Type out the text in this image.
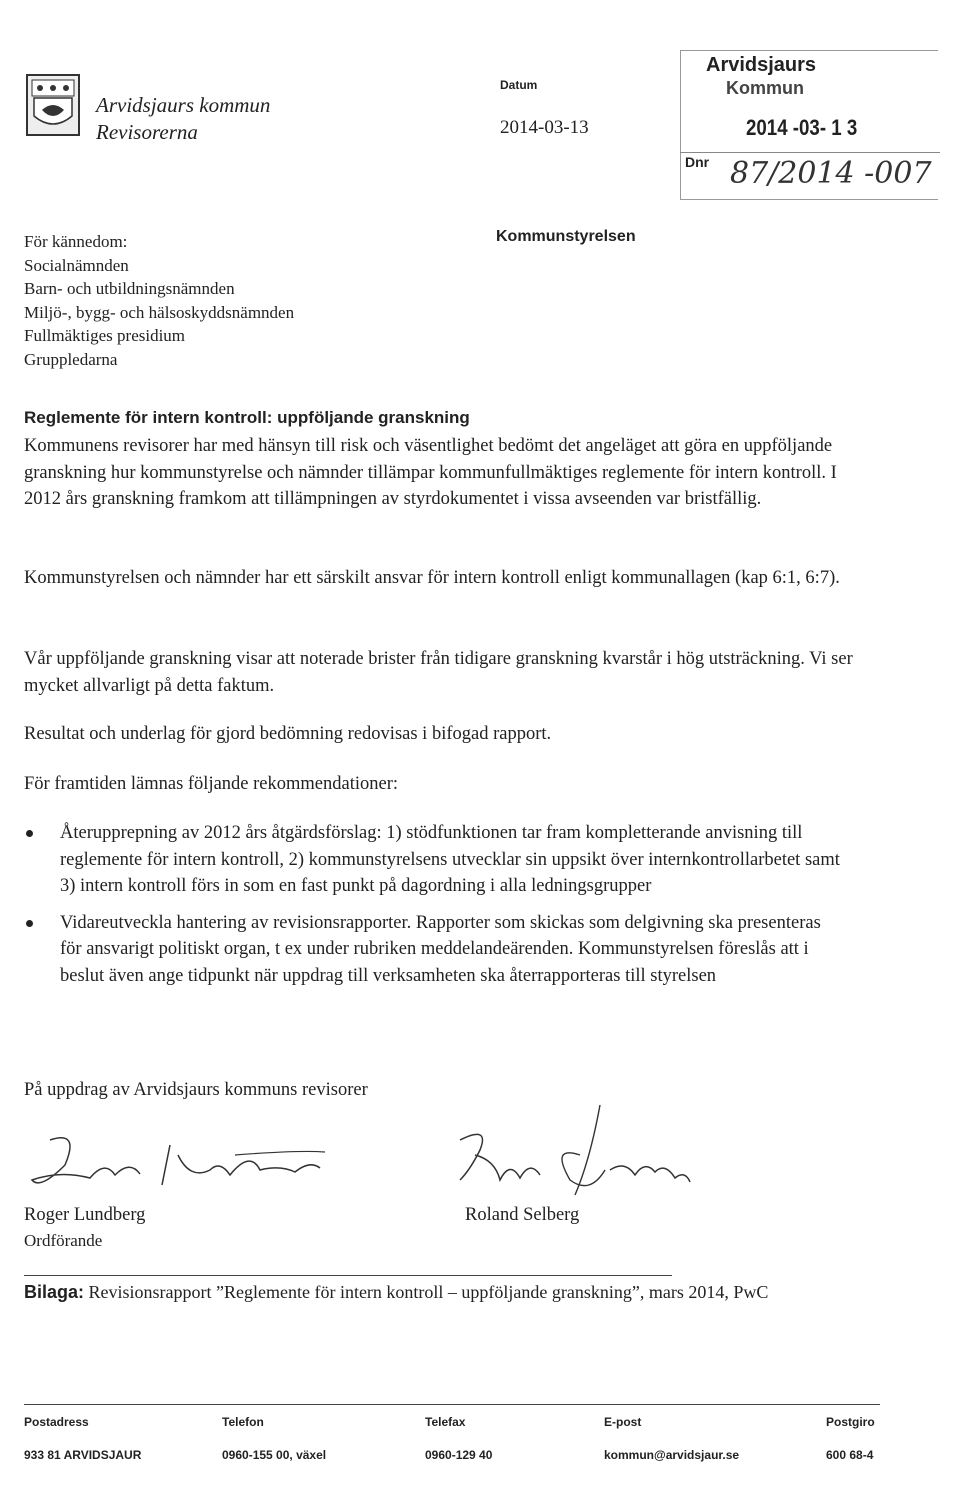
Arvidsjaurs kommun
Revisorerna
Datum
2014-03-13
Arvidsjaurs
Kommun
2014 -03- 1 3
Dnr 87/2014 -007
För kännedom:
Socialnämnden
Barn- och utbildningsnämnden
Miljö-, bygg- och hälsoskyddsnämnden
Fullmäktiges presidium
Gruppledarna
Kommunstyrelsen
Reglemente för intern kontroll: uppföljande granskning

Kommunens revisorer har med hänsyn till risk och väsentlighet bedömt det angeläget att göra en uppföljande granskning hur kommunstyrelse och nämnder tillämpar kommunfullmäktiges reglemente för intern kontroll. I 2012 års granskning framkom att tillämpningen av styrdokumentet i vissa avseenden var bristfällig.

Kommunstyrelsen och nämnder har ett särskilt ansvar för intern kontroll enligt kommunallagen (kap 6:1, 6:7).

Vår uppföljande granskning visar att noterade brister från tidigare granskning kvarstår i hög utsträckning. Vi ser mycket allvarligt på detta faktum.

Resultat och underlag för gjord bedömning redovisas i bifogad rapport.

För framtiden lämnas följande rekommendationer:

Återupprepning av 2012 års åtgärdsförslag: 1) stödfunktionen tar fram kompletterande anvisning till reglemente för intern kontroll, 2) kommunstyrelsens utvecklar sin uppsikt över internkontrollarbetet samt 3) intern kontroll förs in som en fast punkt på dagordning i alla ledningsgrupper
Vidareutveckla hantering av revisionsrapporter. Rapporter som skickas som delgivning ska presenteras för ansvarigt politiskt organ, t ex under rubriken meddelandeärenden. Kommunstyrelsen föreslås att i beslut även ange tidpunkt när uppdrag till verksamheten ska återrapporteras till styrelsen
På uppdrag av Arvidsjaurs kommuns revisorer
Roger Lundberg
Ordförande
Roland Selberg
Bilaga: Revisionsrapport ”Reglemente för intern kontroll – uppföljande granskning”, mars 2014, PwC
Postadress
933 81 ARVIDSJAUR
Telefon
0960-155 00, växel
Telefax
0960-129 40
E-post
kommun@arvidsjaur.se
Postgiro
600 68-4
